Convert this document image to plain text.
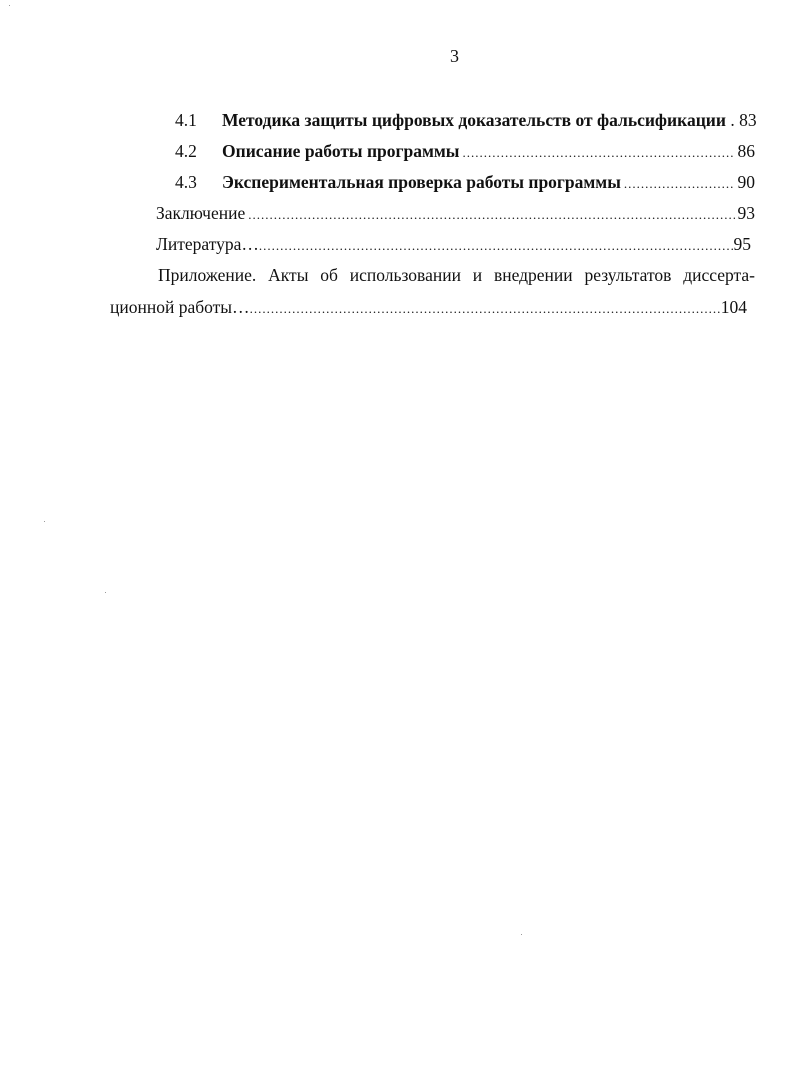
3
4.1	Методика защиты цифровых доказательств от фальсификации . 83
4.2	Описание работы программы .....	86
4.3	Экспериментальная проверка работы программы .....	90
Заключение .....	93
Литература… .....	95
Приложение. Акты об использовании и внедрении результатов диссерта-
ционной работы… .....	104
